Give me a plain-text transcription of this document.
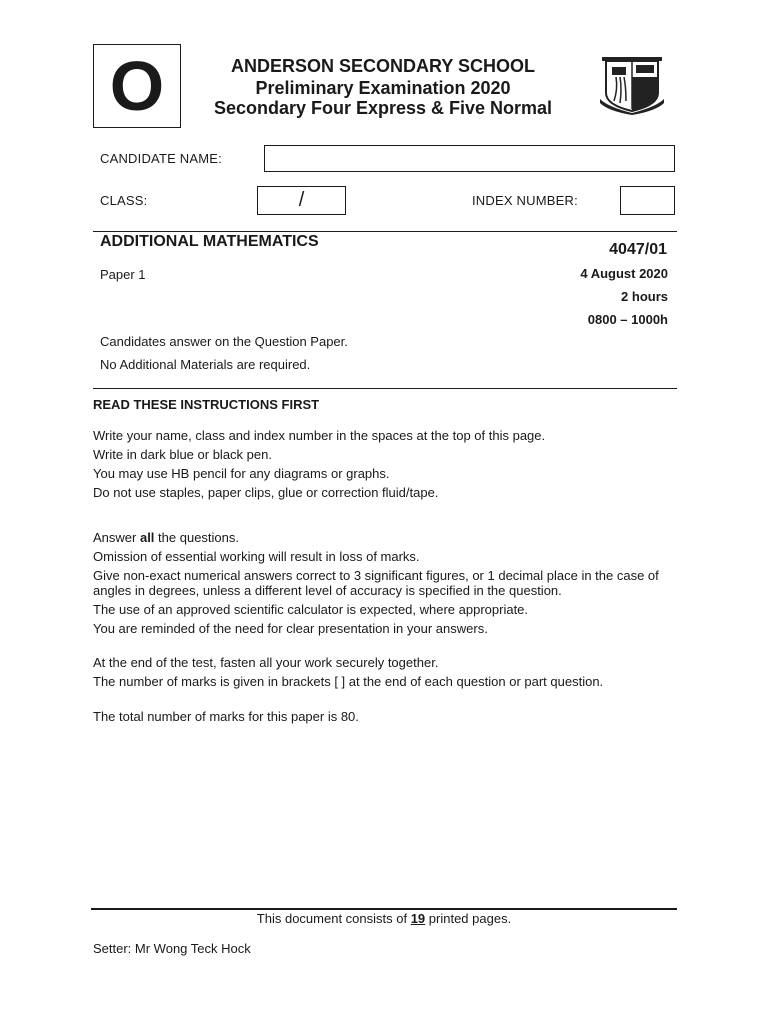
O	ANDERSON SECONDARY SCHOOL
Preliminary Examination 2020
Secondary Four Express & Five Normal
CANDIDATE NAME:
CLASS:	/	INDEX NUMBER:
ADDITIONAL MATHEMATICS	4047/01
Paper 1	4 August 2020
2 hours
0800 – 1000h
Candidates answer on the Question Paper.
No Additional Materials are required.
READ THESE INSTRUCTIONS FIRST
Write your name, class and index number in the spaces at the top of this page.
Write in dark blue or black pen.
You may use HB pencil for any diagrams or graphs.
Do not use staples, paper clips, glue or correction fluid/tape.
Answer all the questions.
Omission of essential working will result in loss of marks.
Give non-exact numerical answers correct to 3 significant figures, or 1 decimal place in the case of angles in degrees, unless a different level of accuracy is specified in the question.
The use of an approved scientific calculator is expected, where appropriate.
You are reminded of the need for clear presentation in your answers.
At the end of the test, fasten all your work securely together.
The number of marks is given in brackets [ ] at the end of each question or part question.
The total number of marks for this paper is 80.
This document consists of 19 printed pages.
Setter: Mr Wong Teck Hock
